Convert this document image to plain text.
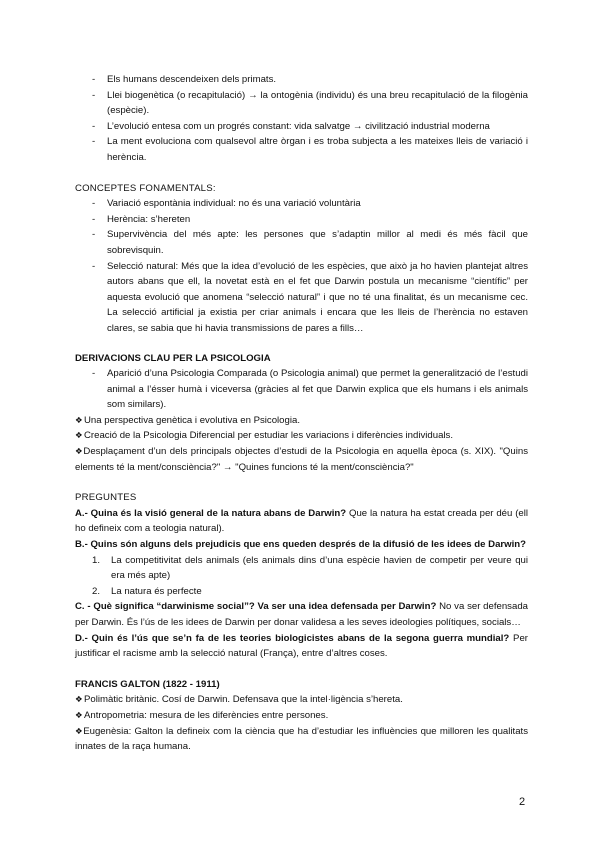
- Els humans descendeixen dels primats.
- Llei biogenètica (o recapitulació) → la ontogènia (individu) és una breu recapitulació de la filogènia (espècie).
- L’evolució entesa com un progrés constant: vida salvatge → civilització industrial moderna
- La ment evoluciona com qualsevol altre òrgan i es troba subjecta a les mateixes lleis de variació i herència.
CONCEPTES FONAMENTALS:
- Variació espontània individual: no és una variació voluntària
- Herència: s’hereten
- Supervivència del més apte: les persones que s’adaptin millor al medi és més fàcil que sobrevisquin.
- Selecció natural: Més que la idea d’evolució de les espècies, que això ja ho havien plantejat altres autors abans que ell, la novetat està en el fet que Darwin postula un mecanisme “científic” per aquesta evolució que anomena “selecció natural” i que no té una finalitat, és un mecanisme cec. La selecció artificial ja existia per criar animals i encara que les lleis de l’herència no estaven clares, se sabia que hi havia transmissions de pares a fills…
DERIVACIONS CLAU PER LA PSICOLOGIA
- Aparició d’una Psicologia Comparada (o Psicologia animal) que permet la generalització de l’estudi animal a l’ésser humà i viceversa (gràcies al fet que Darwin explica que els humans i els animals som similars).
❖ Una perspectiva genètica i evolutiva en Psicologia.
❖ Creació de la Psicologia Diferencial per estudiar les variacions i diferències individuals.
❖Desplaçament d’un dels principals objectes d’estudi de la Psicologia en aquella època (s. XIX). "Quins elements té la ment/consciència?" → "Quines funcions té la ment/consciència?"
PREGUNTES
A.- Quina és la visió general de la natura abans de Darwin? Que la natura ha estat creada per déu (ell ho defineix com a teologia natural).
B.- Quins són alguns dels prejudicis que ens queden després de la difusió de les idees de Darwin?
1. La competitivitat dels animals (els animals dins d’una espècie havien de competir per veure qui era més apte)
2. La natura és perfecte
C. - Què significa “darwinisme social”? Va ser una idea defensada per Darwin? No va ser defensada per Darwin. És l’ús de les idees de Darwin per donar validesa a les seves ideologies polítiques, socials…
D.- Quin és l’ús que se’n fa de les teories biologicistes abans de la segona guerra mundial? Per justificar el racisme amb la selecció natural (França), entre d’altres coses.
FRANCIS GALTON (1822 - 1911)
❖ Polimàtic britànic. Cosí de Darwin. Defensava que la intel·ligència s’hereta.
❖ Antropometria: mesura de les diferències entre persones.
❖Eugenèsia: Galton la defineix com la ciència que ha d’estudiar les influències que milloren les qualitats innates de la raça humana.
2
